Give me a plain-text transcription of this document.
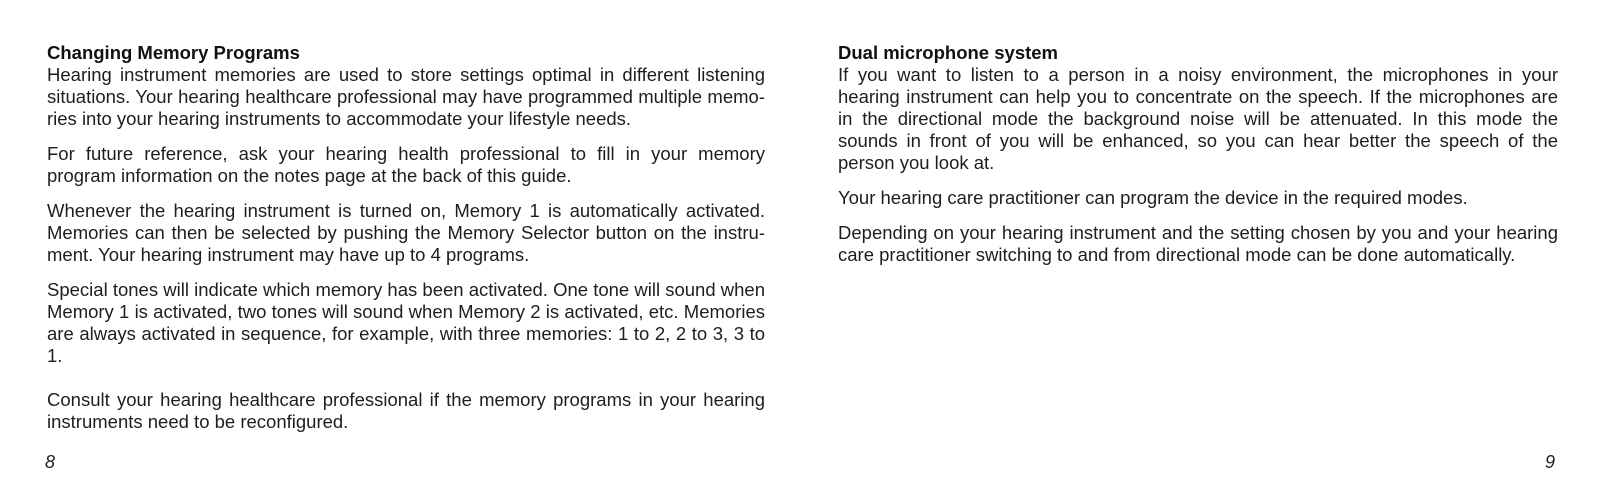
Changing Memory Programs

Hearing instrument memories are used to store settings optimal in different listening situations. Your hearing healthcare professional may have programmed multiple memories into your hearing instruments to accommodate your lifestyle needs.

For future reference, ask your hearing health professional to fill in your memory program information on the notes page at the back of this guide.

Whenever the hearing instrument is turned on, Memory 1 is automatically activated. Memories can then be selected by pushing the Memory Selector button on the instrument. Your hearing instrument may have up to 4 programs.

Special tones will indicate which memory has been activated. One tone will sound when Memory 1 is activated, two tones will sound when Memory 2 is activated, etc. Memories are always activated in sequence, for example, with three memories: 1 to 2, 2 to 3, 3 to 1.

Consult your hearing healthcare professional if the memory programs in your hearing instruments need to be reconfigured.

8

Dual microphone system

If you want to listen to a person in a noisy environment, the microphones in your hearing instrument can help you to concentrate on the speech. If the microphones are in the directional mode the background noise will be attenuated. In this mode the sounds in front of you will be enhanced, so you can hear better the speech of the person you look at.

Your hearing care practitioner can program the device in the required modes.

Depending on your hearing instrument and the setting chosen by you and your hearing care practitioner switching to and from directional mode can be done automatically.

9
